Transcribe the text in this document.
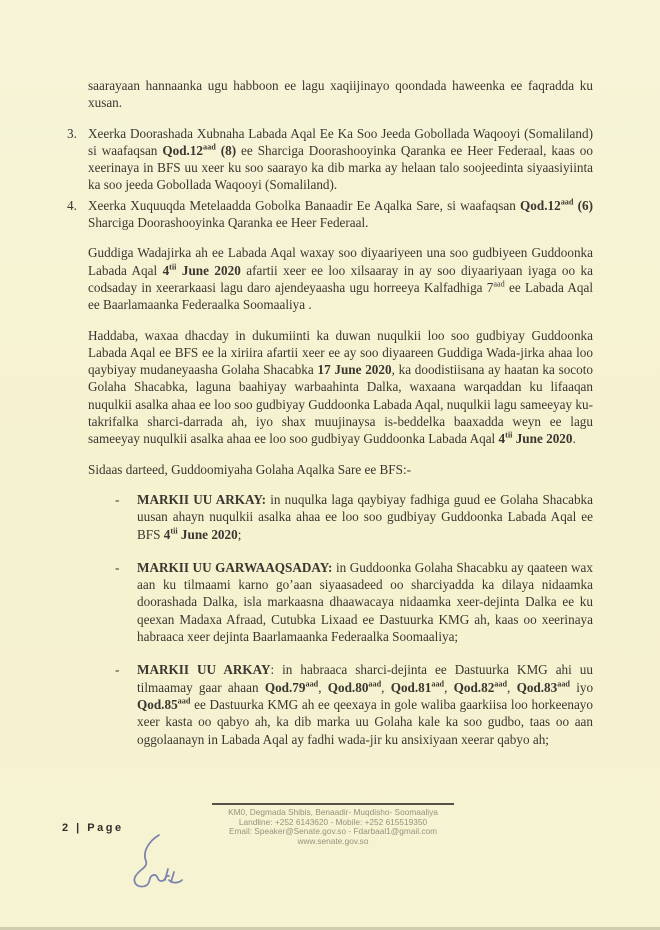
saarayaan hannaanka ugu habboon ee lagu xaqiijinayo qoondada haweenka ee faqradda ku xusan.
3. Xeerka Doorashada Xubnaha Labada Aqal Ee Ka Soo Jeeda Gobollada Waqooyi (Somaliland) si waafaqsan Qod.12$^{aad}$ (8) ee Sharciga Doorashooyinka Qaranka ee Heer Federaal, kaas oo xeerinaya in BFS uu xeer ku soo saarayo ka dib marka ay helaan talo soojeedinta siyaasiyiinta ka soo jeeda Gobollada Waqooyi (Somaliland).
4. Xeerka Xuquuqda Metelaadda Gobolka Banaadir Ee Aqalka Sare, si waafaqsan Qod.12$^{aad}$ (6) Sharciga Doorashooyinka Qaranka ee Heer Federaal.
Guddiga Wadajirka ah ee Labada Aqal waxay soo diyaariyeen una soo gudbiyeen Guddoonka Labada Aqal $4^{tii}$ June 2020 afartii xeer ee loo xilsaaray in ay soo diyaariyaan iyaga oo ka codsaday in xeerarkaasi lagu daro ajendeyaasha ugu horreeya Kalfadhiga $7^{aad}$ ee Labada Aqal ee Baarlamaanka Federaalka Soomaaliya .
Haddaba, waxaa dhacday in dukumiinti ka duwan nuqulkii loo soo gudbiyay Guddoonka Labada Aqal ee BFS ee la xiriira afartii xeer ee ay soo diyaareen Guddiga Wada-jirka ahaa loo qaybiyay mudaneyaasha Golaha Shacabka 17 June 2020, ka doodistiisana ay haatan ka socoto Golaha Shacabka, laguna baahiyay warbaahinta Dalka, waxaana warqaddan ku lifaaqan nuqulkii asalka ahaa ee loo soo gudbiyay Guddoonka Labada Aqal, nuqulkii lagu sameeyay ku-takrifalka sharci-darrada ah, iyo shax muujinaysa is-beddelka baaxadda weyn ee lagu sameeyay nuqulkii asalka ahaa ee loo soo gudbiyay Guddoonka Labada Aqal $4^{tii}$ June 2020.
Sidaas darteed, Guddoomiyaha Golaha Aqalka Sare ee BFS:-
- MARKII UU ARKAY: in nuqulka laga qaybiyay fadhiga guud ee Golaha Shacabka uusan ahayn nuqulkii asalka ahaa ee loo soo gudbiyay Guddoonka Labada Aqal ee BFS $4^{tii}$ June 2020;
- MARKII UU GARWAAQSADAY: in Guddoonka Golaha Shacabku ay qaateen wax aan ku tilmaami karno go’aan siyaasadeed oo sharciyadda ka dilaya nidaamka doorashada Dalka, isla markaasna dhaawacaya nidaamka xeer-dejinta Dalka ee ku qeexan Madaxa Afraad, Cutubka Lixaad ee Dastuurka KMG ah, kaas oo xeerinaya habraaca xeer dejinta Baarlamaanka Federaalka Soomaaliya;
- MARKII UU ARKAY: in habraaca sharci-dejinta ee Dastuurka KMG ahi uu tilmaamay gaar ahaan Qod.79$^{aad}$, Qod.80$^{aad}$, Qod.81$^{aad}$, Qod.82$^{aad}$, Qod.83$^{aad}$ iyo Qod.85$^{aad}$ ee Dastuurka KMG ah ee qeexaya in gole waliba gaarkiisa loo horkeenayo xeer kasta oo qabyo ah, ka dib marka uu Golaha kale ka soo gudbo, taas oo aan oggolaanayn in Labada Aqal ay fadhi wada-jir ku ansixiyaan xeerar qabyo ah;
2 | Page
KM0, Degmada Shibis, Benaadir- Muqdisho- Soomaaliya
Landline: +252 6143620 - Mobile: +252 615519350
Email: Speaker@Senate.gov.so - Fdarbaal1@gmail.com
www.senate.gov.so
